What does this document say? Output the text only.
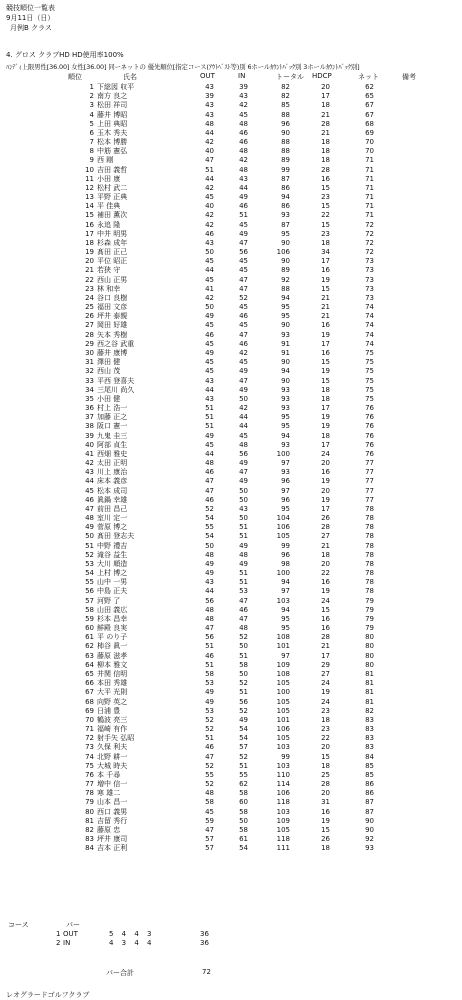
競技順位一覧表
9月11日（日）
月例B クラス
4. グロス クラブHD HD使用率100%
ﾊﾝﾃﾞｨ上限男性[36.00] 女性[36.00] 同ーネットの 優先順位[指定コース(ｱｳﾄﾍﾞｽﾄ等)別 6ホールｶｳﾝﾄﾊﾞｯｸ別 3ホールｶｳﾝﾄﾊﾞｯｸ別]
順位	氏名	OUT	IN	トータル HDCP	ネット	備考
1 下総図 収平	43	39	82	20	62
2 南方 良之	39	43	82	17	65
3 松田 祥司	43	42	85	18	67
4 藤井 博昭	43	45	88	21	67
5 上田 典昭	48	48	96	28	68
6 玉木 秀夫	44	46	90	21	69
7 松本 博勝	42	46	88	18	70
8 中筋 憲弘	40	48	88	18	70
9 西 剛	47	42	89	18	71
10 吉田 義哲	51	48	99	28	71
11 小田 康	44	43	87	16	71
12 松村 武二	42	44	86	15	71
13 平野 正典	45	49	94	23	71
14 平 佳典	40	46	86	15	71
15 補田 薫次	42	51	93	22	71
16 永追 隆	42	45	87	15	72
17 中井 明男	46	49	95	23	72
18 杉森 成年	43	47	90	18	72
19 髙田 正己	50	56	106	34	72
20 平位 昭正	45	45	90	17	73
21 若狭 守	44	45	89	16	73
22 西山 正男	45	47	92	19	73
23 林 和幸	41	47	88	15	73
24 谷口 良樹	42	52	94	21	73
25 福田 文彦	50	45	95	21	74
26 坪井 泰親	49	46	95	21	74
27 岡田 好雄	45	45	90	16	74
28 矢本 秀樹	46	47	93	19	74
29 西之谷 武重	45	46	91	17	74
30 藤井 康博	49	42	91	16	75
31 澤田 健	45	45	90	15	75
32 西山 茂	45	49	94	19	75
33 平西 登喜夫	43	47	90	15	75
34 三尾川 尚久	44	49	93	18	75
35 小田 健	43	50	93	18	75
36 村上 浩一	51	42	93	17	76
37 加藤 正之	51	44	95	19	76
38 阪口 憲一	51	44	95	19	76
39 九鬼 圭三	49	45	94	18	76
40 阿部 貞生	45	48	93	17	76
41 西畑 雅史	44	56	100	24	76
42 太田 正明	48	49	97	20	77
43 川上 康治	46	47	93	16	77
44 床本 義彦	47	49	96	19	77
45 松本 成司	47	50	97	20	77
46 眞鍋 幸雄	46	50	96	19	77
47 前田 昌己	52	43	95	17	78
48 室川 定一	54	50	104	26	78
49 菅原 博之	55	51	106	28	78
50 髙田 登志夫	54	51	105	27	78
51 中野 禮吉	50	49	99	21	78
52 滝谷 益生	48	48	96	18	78
53 大川 順造	49	49	98	20	78
54 上村 博之	49	51	100	22	78
55 山中 一男	43	51	94	16	78
56 中島 正夫	44	53	97	19	78
57 河野 了	56	47	103	24	79
58 山田 義広	48	46	94	15	79
59 杉本 昌幸	48	47	95	16	79
60 鮮殿 良実	47	48	95	16	79
61 平 のり子	56	52	108	28	80
62 柿谷 眞一	51	50	101	21	80
63 藤原 滋孝	46	51	97	17	80
64 柳本 雅文	51	58	109	29	80
65 井関 信明	58	50	108	27	81
66 本田 秀雄	53	52	105	24	81
67 大平 光則	49	51	100	19	81
68 向野 英之	49	56	105	24	81
69 日浦 豊	53	52	105	23	82
70 鶴波 亮三	52	49	101	18	83
71 福崎 有作	52	54	106	23	83
72 射手矢 弘昭	51	54	105	22	83
73 久保 利夫	46	57	103	20	83
74 北野 耕一	47	52	99	15	84
75 大城 時夫	52	51	103	18	85
76 本 千尋	55	55	110	25	85
77 増中 信一	52	62	114	28	86
78 寒 雄二	48	58	106	20	86
79 山本 昌一	58	60	118	31	87
80 西口 義男	45	58	103	16	87
81 吉留 秀行	59	50	109	19	90
82 藤原 忠	47	58	105	15	90
83 坪井 康司	57	61	118	26	92
84 吉本 正利	57	54	111	18	93
コース	パー
1 OUT	5 4 4 3	36
2 IN	4 3 4 4	36
パー合計	72
レオグラードゴルフクラブ
